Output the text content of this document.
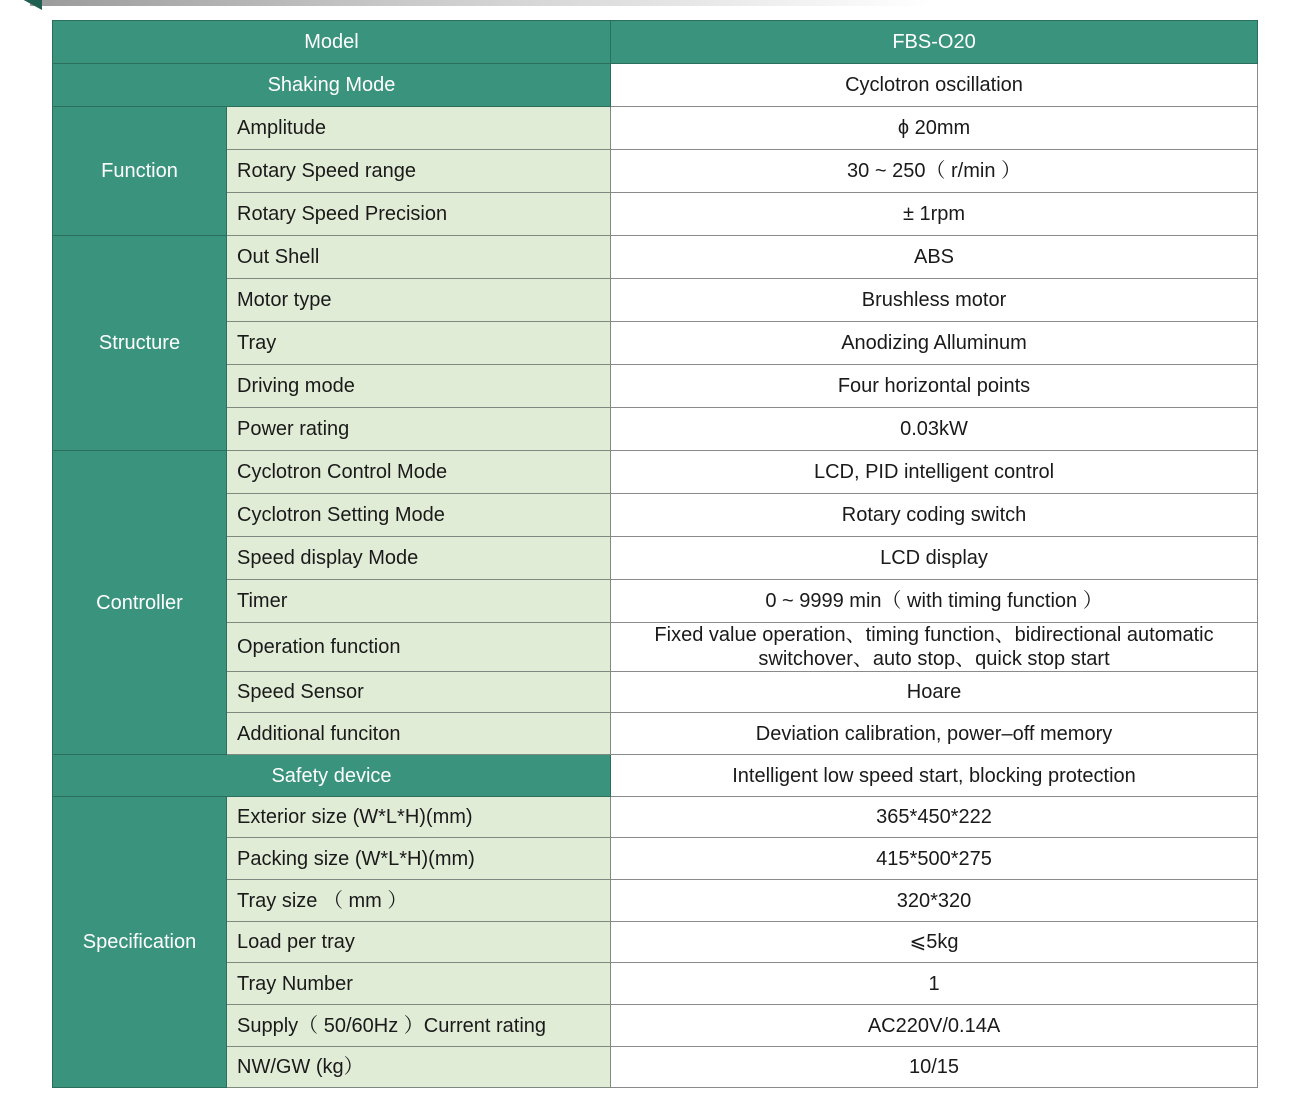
Model		FBS-O20
Shaking Mode		Cyclotron oscillation
Function	Amplitude	ϕ 20mm
	Rotary Speed range	30 ~ 250（ r/min ）
	Rotary Speed Precision	± 1rpm
Structure	Out Shell	ABS
	Motor type	Brushless motor
	Tray	Anodizing Alluminum
	Driving mode	Four horizontal points
	Power rating	0.03kW
Controller	Cyclotron Control Mode	LCD, PID intelligent control
	Cyclotron Setting Mode	Rotary coding switch
	Speed display Mode	LCD display
	Timer	0 ~ 9999 min（ with timing function ）
	Operation function	Fixed value operation、timing function、bidirectional automatic switchover、auto stop、quick stop start
	Speed Sensor	Hoare
	Additional funciton	Deviation calibration, power–off memory
Safety device		Intelligent low speed start, blocking protection
Specification	Exterior size (W*L*H)(mm)	365*450*222
	Packing size (W*L*H)(mm)	415*500*275
	Tray size （ mm ）	320*320
	Load per tray	⩽5kg
	Tray Number	1
	Supply（ 50/60Hz ）Current rating	AC220V/0.14A
	NW/GW (kg）	10/15
